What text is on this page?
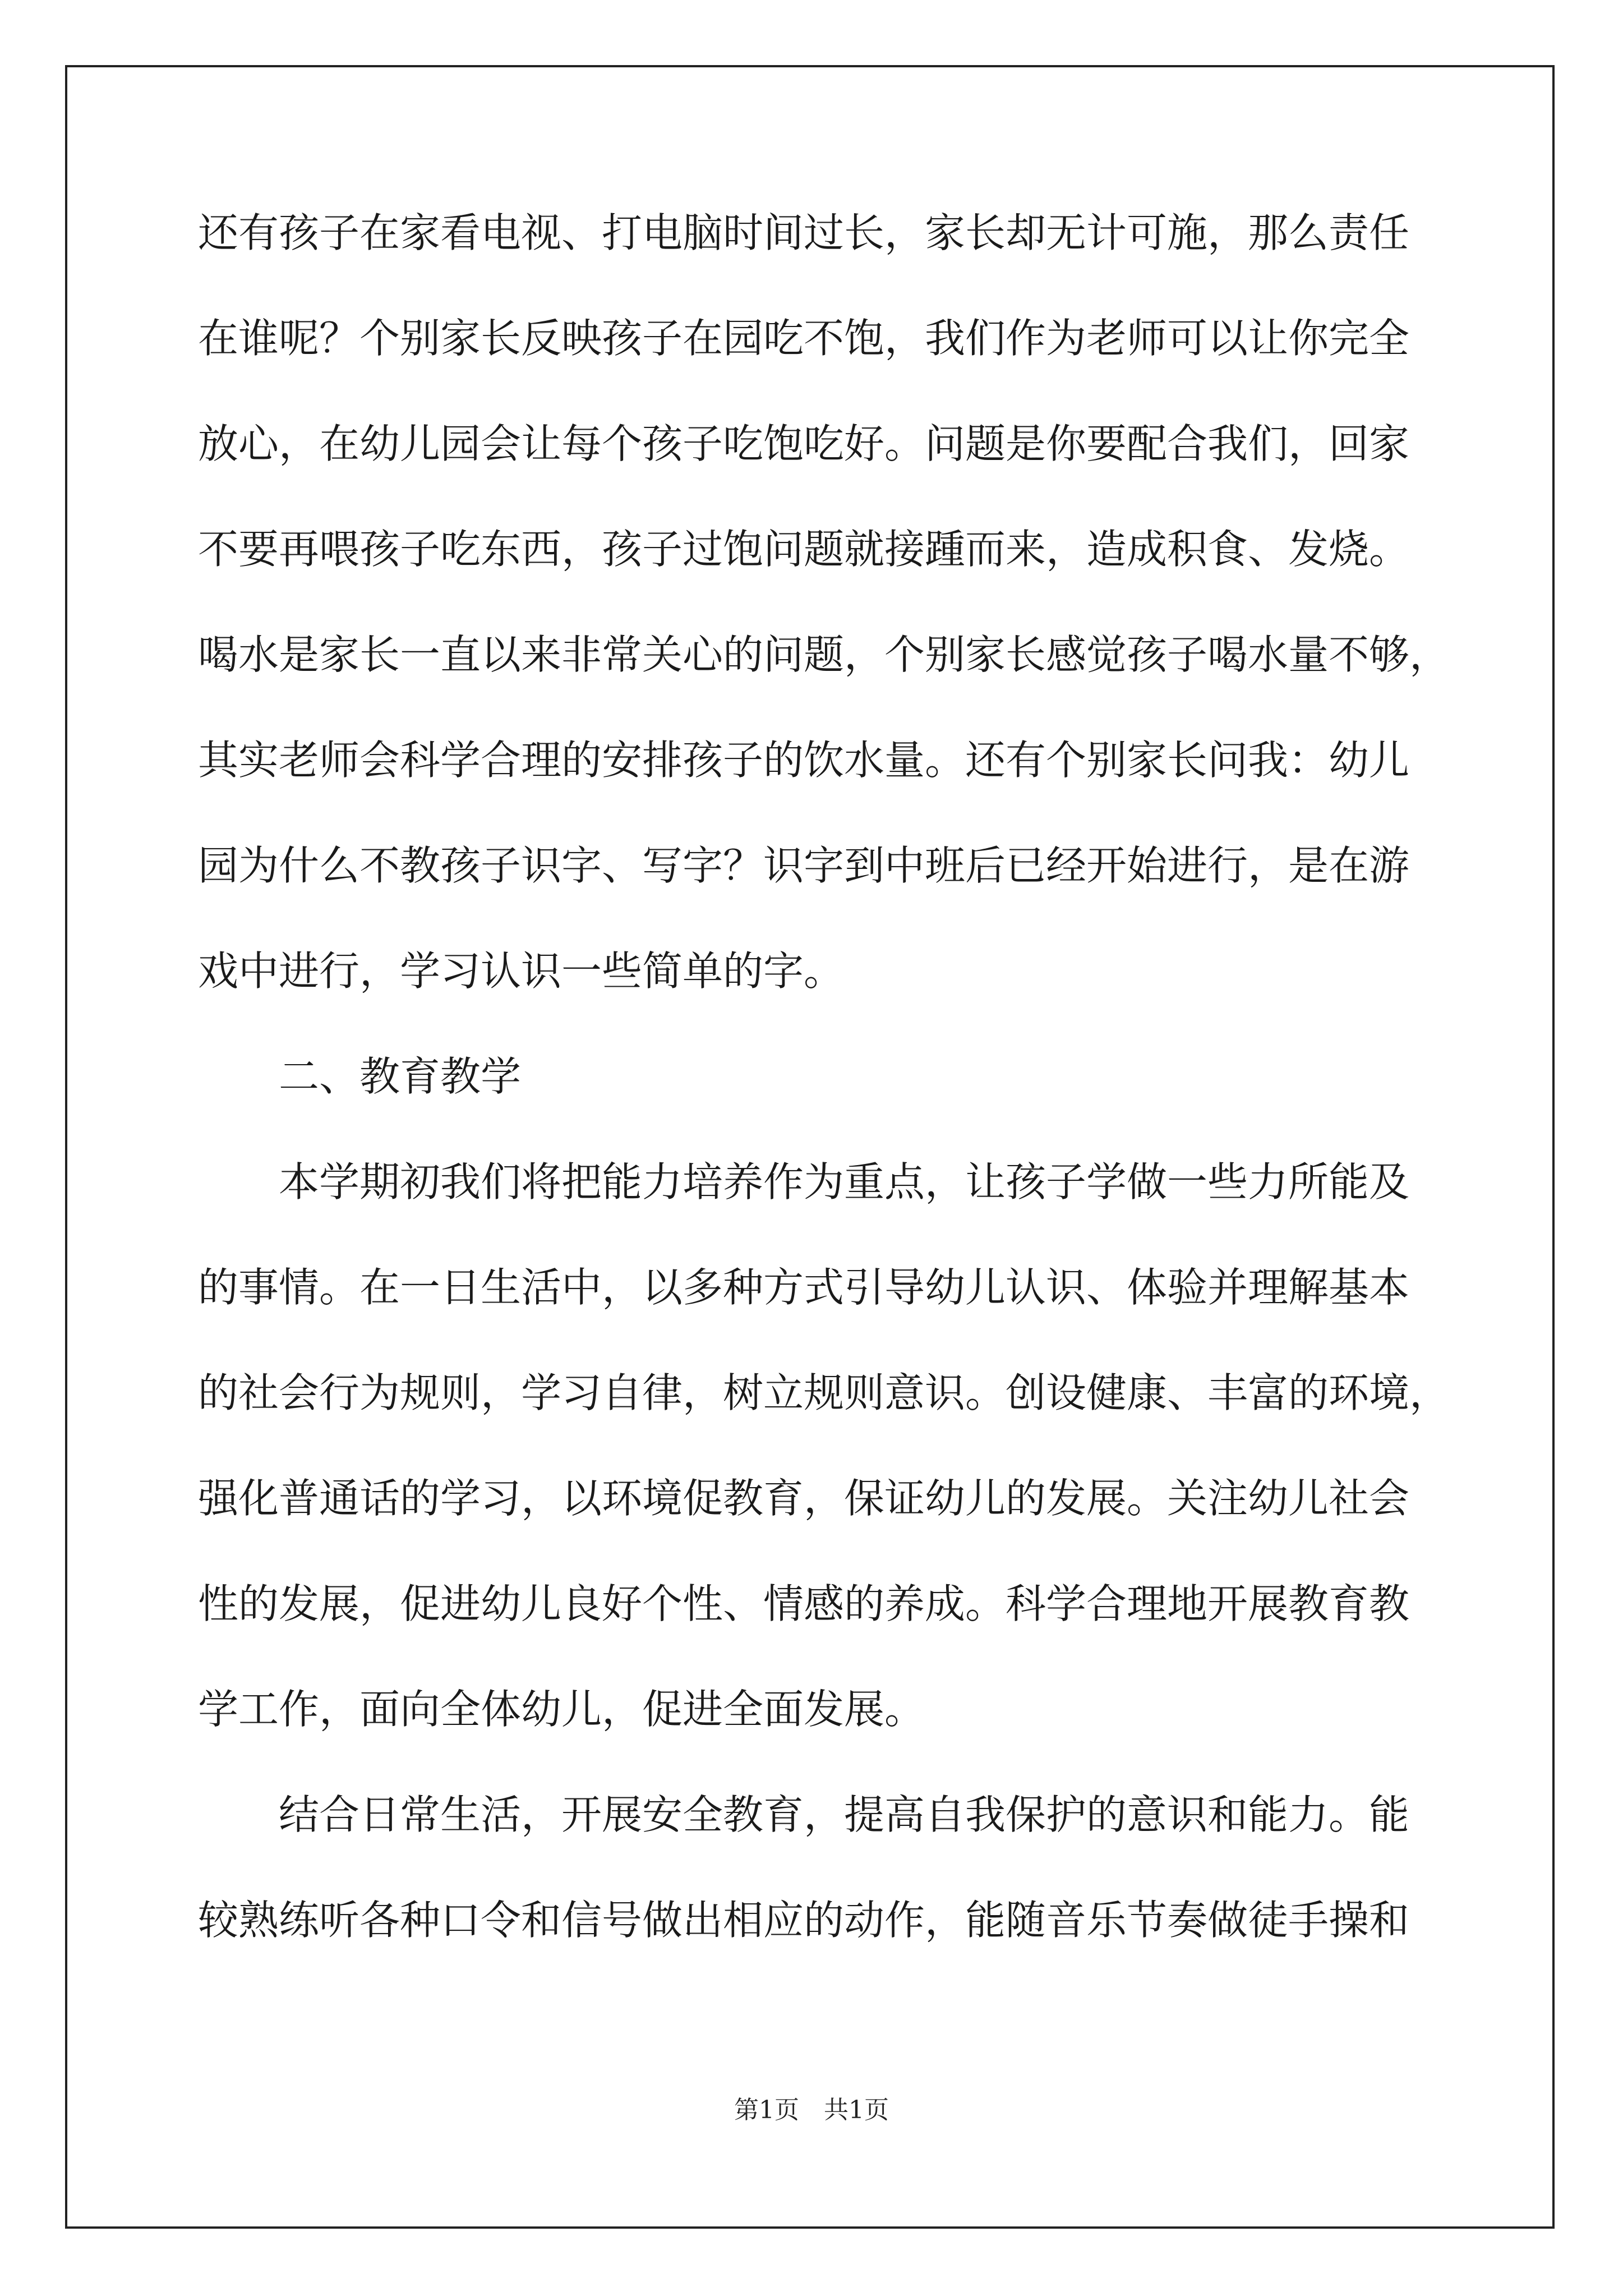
还有孩子在家看电视、打电脑时间过长，家长却无计可施，那么责任
在谁呢？个别家长反映孩子在园吃不饱，我们作为老师可以让你完全
放心，在幼儿园会让每个孩子吃饱吃好。问题是你要配合我们，回家
不要再喂孩子吃东西，孩子过饱问题就接踵而来，造成积食、发烧。
喝水是家长一直以来非常关心的问题，个别家长感觉孩子喝水量不够，
其实老师会科学合理的安排孩子的饮水量。还有个别家长问我：幼儿
园为什么不教孩子识字、写字？识字到中班后已经开始进行，是在游
戏中进行，学习认识一些简单的字。
二、教育教学
本学期初我们将把能力培养作为重点，让孩子学做一些力所能及
的事情。在一日生活中，以多种方式引导幼儿认识、体验并理解基本
的社会行为规则，学习自律，树立规则意识。创设健康、丰富的环境，
强化普通话的学习，以环境促教育，保证幼儿的发展。关注幼儿社会
性的发展，促进幼儿良好个性、情感的养成。科学合理地开展教育教
学工作，面向全体幼儿，促进全面发展。
结合日常生活，开展安全教育，提高自我保护的意识和能力。能
较熟练听各种口令和信号做出相应的动作，能随音乐节奏做徒手操和
第1页　共1页
